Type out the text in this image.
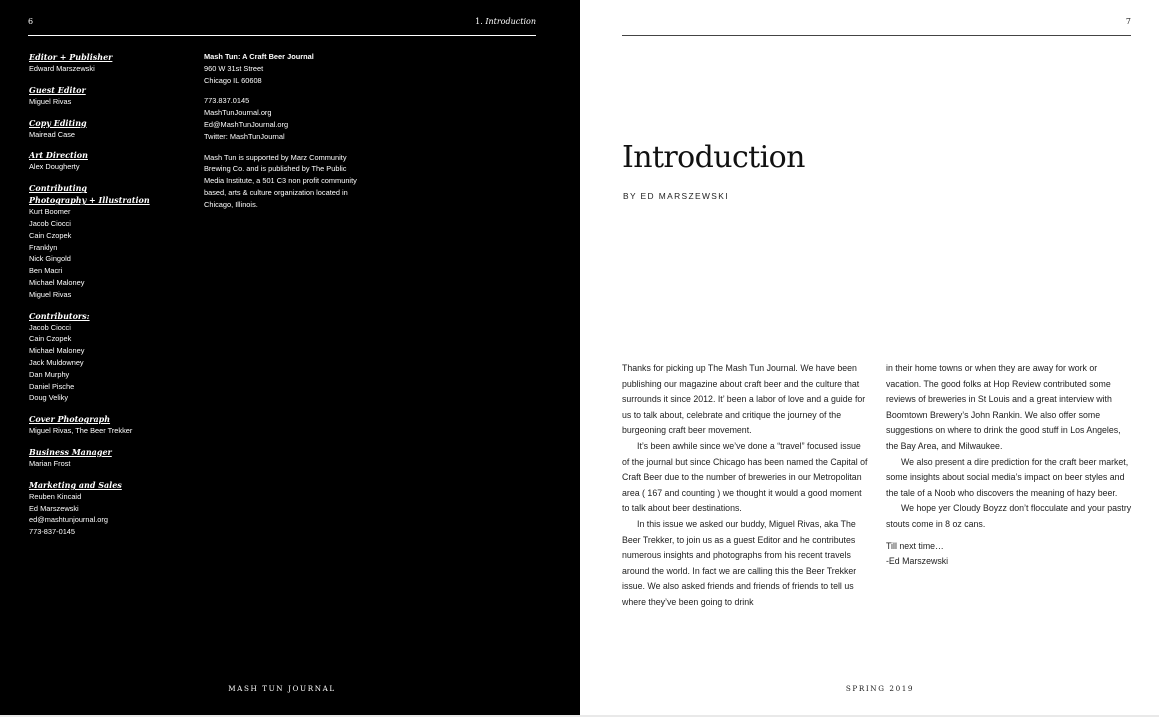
6	1. Introduction
Editor + Publisher
Edward Marszewski
Guest Editor
Miguel Rivas
Copy Editing
Mairead Case
Art Direction
Alex Dougherty
Contributing
Photography + Illustration
Kurt Boomer
Jacob Ciocci
Cain Czopek
Franklyn
Nick Gingold
Ben Macri
Michael Maloney
Miguel Rivas
Contributors:
Jacob Ciocci
Cain Czopek
Michael Maloney
Jack Muldowney
Dan Murphy
Daniel Pische
Doug Veliky
Cover Photograph
Miguel Rivas, The Beer Trekker
Business Manager
Marian Frost
Marketing and Sales
Reuben Kincaid
Ed Marszewski
ed@mashtunjournal.org
773-837-0145
Mash Tun: A Craft Beer Journal
960 W 31st Street
Chicago IL 60608
773.837.0145
MashTunJournal.org
Ed@MashTunJournal.org
Twitter: MashTunJournal
Mash Tun is supported by Marz Community
Brewing Co. and is published by The Public
Media Institute, a 501 C3 non profit community
based, arts & culture organization located in
Chicago, Illinois.
MASH TUN JOURNAL
7
Introduction
BY ED MARSZEWSKI

Thanks for picking up The Mash Tun Journal. We have been publishing our magazine about craft beer and the culture that surrounds it since 2012. It’ been a labor of love and a guide for us to talk about, celebrate and critique the journey of the burgeoning craft beer movement.

It’s been awhile since we’ve done a “travel” focused issue of the journal but since Chicago has been named the Capital of Craft Beer due to the number of breweries in our Metropolitan area ( 167 and counting ) we thought it would a good moment to talk about beer destinations.

In this issue we asked our buddy, Miguel Rivas, aka The Beer Trekker, to join us as a guest Editor and he contributes numerous insights and photographs from his recent travels around the world. In fact we are calling this the Beer Trekker issue. We also asked friends and friends of friends to tell us where they’ve been going to drink

in their home towns or when they are away for work or vacation. The good folks at Hop Review contributed some reviews of breweries in St Louis and a great interview with Boomtown Brewery’s John Rankin. We also offer some suggestions on where to drink the good stuff in Los Angeles, the Bay Area, and Milwaukee.

We also present a dire prediction for the craft beer market, some insights about social media’s impact on beer styles and the tale of a Noob who discovers the meaning of hazy beer.

We hope yer Cloudy Boyzz don’t flocculate and your pastry stouts come in 8 oz cans.

Till next time…

-Ed Marszewski

SPRING 2019
